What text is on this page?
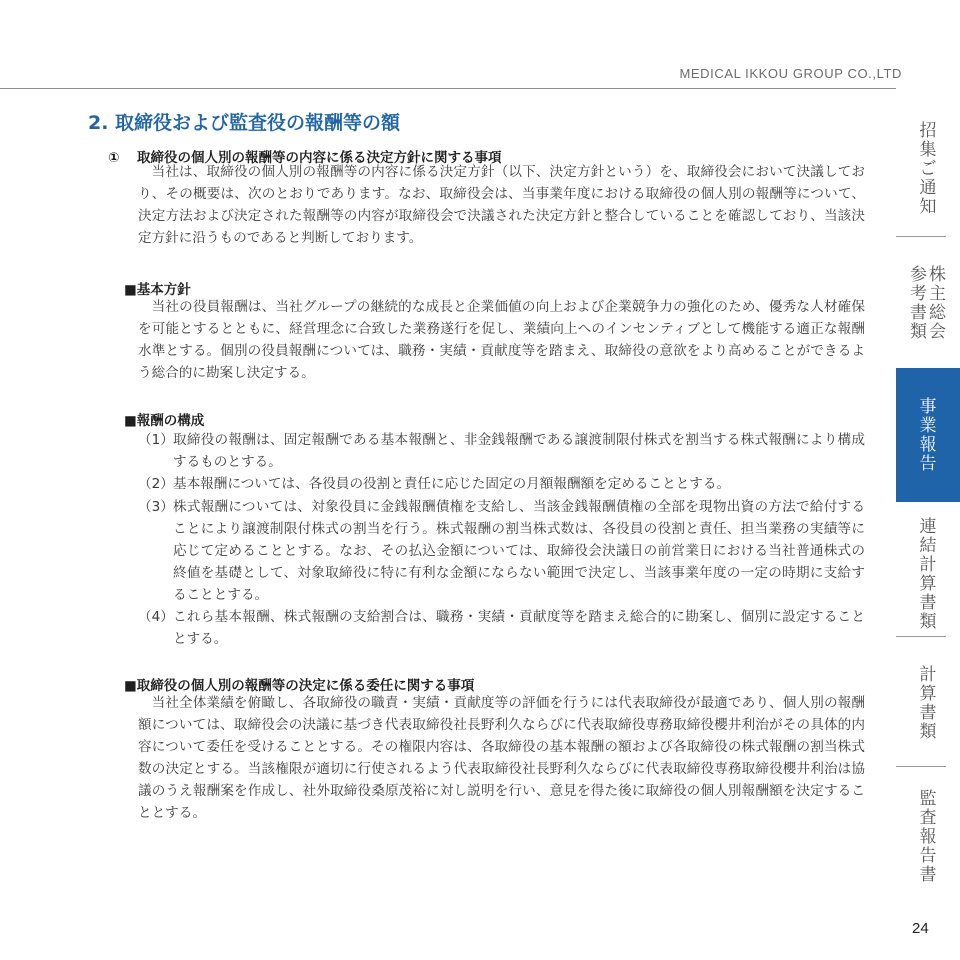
MEDICAL IKKOU GROUP CO.,LTD
2. 取締役および監査役の報酬等の額
① 取締役の個人別の報酬等の内容に係る決定方針に関する事項

当社は、取締役の個人別の報酬等の内容に係る決定方針（以下、決定方針という）を、取締役会において決議しており、その概要は、次のとおりであります。なお、取締役会は、当事業年度における取締役の個人別の報酬等について、決定方法および決定された報酬等の内容が取締役会で決議された決定方針と整合していることを確認しており、当該決定方針に沿うものであると判断しております。

■基本方針

当社の役員報酬は、当社グループの継続的な成長と企業価値の向上および企業競争力の強化のため、優秀な人材確保を可能とするとともに、経営理念に合致した業務遂行を促し、業績向上へのインセンティブとして機能する適正な報酬水準とする。個別の役員報酬については、職務・実績・貢献度等を踏まえ、取締役の意欲をより高めることができるよう総合的に勘案し決定する。

■報酬の構成
（1） 取締役の報酬は、固定報酬である基本報酬と、非金銭報酬である譲渡制限付株式を割当する株式報酬により構成するものとする。
（2） 基本報酬については、各役員の役割と責任に応じた固定の月額報酬額を定めることとする。
（3） 株式報酬については、対象役員に金銭報酬債権を支給し、当該金銭報酬債権の全部を現物出資の方法で給付することにより譲渡制限付株式の割当を行う。株式報酬の割当株式数は、各役員の役割と責任、担当業務の実績等に応じて定めることとする。なお、その払込金額については、取締役会決議日の前営業日における当社普通株式の終値を基礎として、対象取締役に特に有利な金額にならない範囲で決定し、当該事業年度の一定の時期に支給することとする。
（4） これら基本報酬、株式報酬の支給割合は、職務・実績・貢献度等を踏まえ総合的に勘案し、個別に設定することとする。
■取締役の個人別の報酬等の決定に係る委任に関する事項

当社全体業績を俯瞰し、各取締役の職責・実績・貢献度等の評価を行うには代表取締役が最適であり、個人別の報酬額については、取締役会の決議に基づき代表取締役社長野利久ならびに代表取締役専務取締役櫻井利治がその具体的内容について委任を受けることとする。その権限内容は、各取締役の基本報酬の額および各取締役の株式報酬の割当株式数の決定とする。当該権限が適切に行使されるよう代表取締役社長野利久ならびに代表取締役専務取締役櫻井利治は協議のうえ報酬案を作成し、社外取締役桑原茂裕に対し説明を行い、意見を得た後に取締役の個人別報酬額を決定することとする。

招
集
ご
通
知
株
主
総
会
参
考
書
類
事
業
報
告
連
結
計
算
書
類
計
算
書
類
監
査
報
告
書
24
